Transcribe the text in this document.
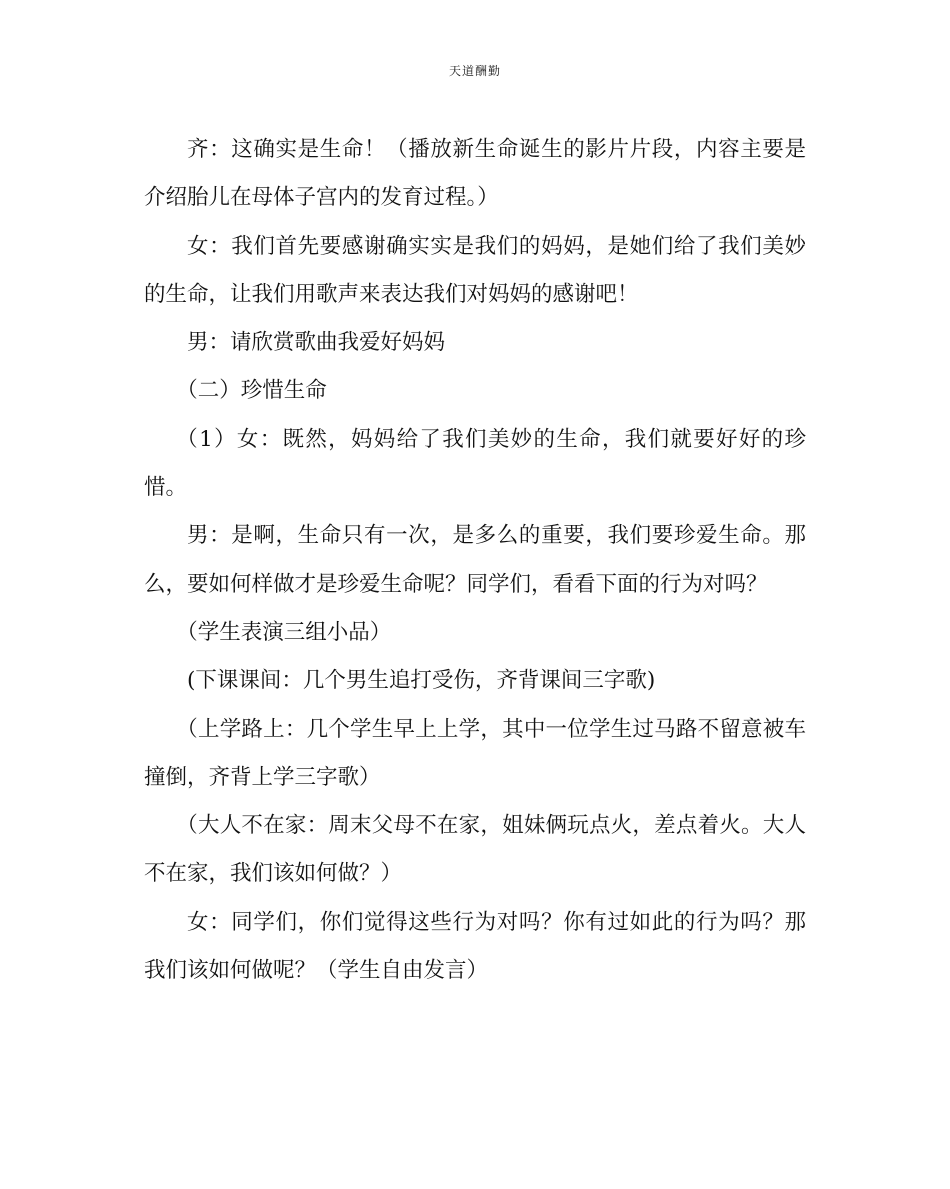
天道酬勤

齐：这确实是生命！（播放新生命诞生的影片片段，内容主要是介绍胎儿在母体子宫内的发育过程。）

女：我们首先要感谢确实实是我们的妈妈，是她们给了我们美妙的生命，让我们用歌声来表达我们对妈妈的感谢吧！

男：请欣赏歌曲我爱好妈妈

（二）珍惜生命

（1）女：既然，妈妈给了我们美妙的生命，我们就要好好的珍惜。

男：是啊，生命只有一次，是多么的重要，我们要珍爱生命。那么，要如何样做才是珍爱生命呢？同学们，看看下面的行为对吗？

（学生表演三组小品）

(下课课间：几个男生追打受伤，齐背课间三字歌)

（上学路上：几个学生早上上学，其中一位学生过马路不留意被车撞倒，齐背上学三字歌）

（大人不在家：周末父母不在家，姐妹俩玩点火，差点着火。大人不在家，我们该如何做？）

女：同学们，你们觉得这些行为对吗？你有过如此的行为吗？那我们该如何做呢？（学生自由发言）
